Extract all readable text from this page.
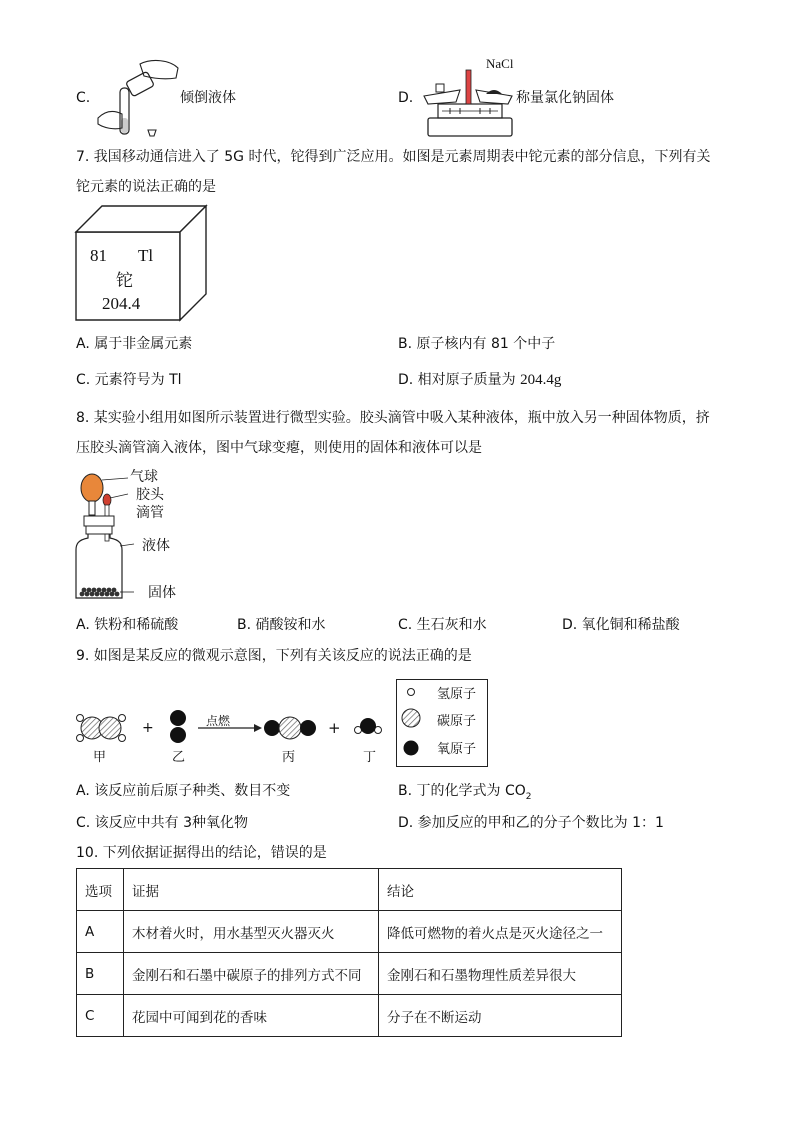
C.	倾倒液体	D.
NaCl
称量氯化钠固体
7. 我国移动通信进入了 5G 时代，铊得到广泛应用。如图是元素周期表中铊元素的部分信息，下列有关
铊元素的说法正确的是
81 Tl
铊
204.4
A. 属于非金属元素	B. 原子核内有 81 个中子
C. 元素符号为 Tl	D. 相对原子质量为 204.4g
8. 某实验小组用如图所示装置进行微型实验。胶头滴管中吸入某种液体，瓶中放入另一种固体物质，挤
压胶头滴管滴入液体，图中气球变瘪，则使用的固体和液体可以是
气球
胶头
滴管
液体
固体
A. 铁粉和稀硫酸	B. 硝酸铵和水	C. 生石灰和水	D. 氧化铜和稀盐酸
9. 如图是某反应的微观示意图，下列有关该反应的说法正确的是
+	+
点燃
甲	乙	丙	丁
氢原子
碳原子
氧原子
A. 该反应前后原子种类、数目不变	B. 丁的化学式为 $CO_2$
C. 该反应中共有 3种氧化物	D. 参加反应的甲和乙的分子个数比为 1：1
10. 下列依据证据得出的结论，错误的是
选项	证据	结论
A	木材着火时，用水基型灭火器灭火	降低可燃物的着火点是灭火途径之一
B	金刚石和石墨中碳原子的排列方式不同	金刚石和石墨物理性质差异很大
C	花园中可闻到花的香味	分子在不断运动
